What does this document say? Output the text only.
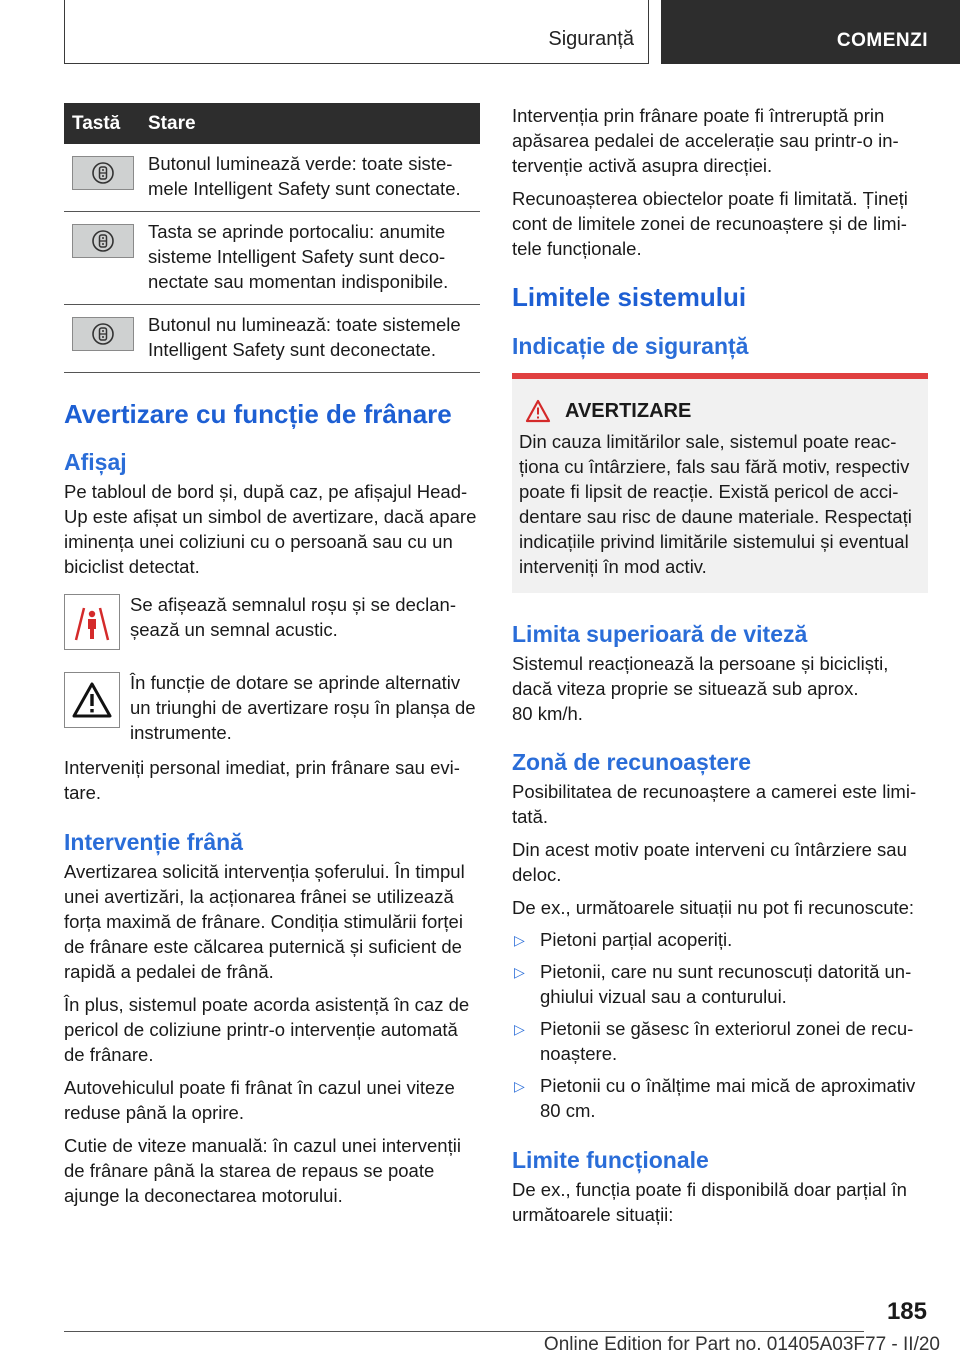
Siguranță	COMENZI
Tastă	Stare

	Butonul luminează verde: toate sistemele Intelligent Safety sunt conectate.

	Tasta se aprinde portocaliu: anumite sisteme Intelligent Safety sunt deconectate sau momentan indisponibile.

	Butonul nu luminează: toate sistemele Intelligent Safety sunt deconectate.
Avertizare cu funcție de frânare
Afișaj

Pe tabloul de bord și, după caz, pe afișajul Head-Up este afișat un simbol de avertizare, dacă apare iminența unei coliziuni cu o persoană sau cu un biciclist detectat.

Se afișează semnalul roșu și se declanșează un semnal acustic.
În funcție de dotare se aprinde alternativ un triunghi de avertizare roșu în planșa de instrumente.

Interveniți personal imediat, prin frânare sau evitare.

Intervenție frână

Avertizarea solicită intervenția șoferului. În timpul unei avertizări, la acționarea frânei se utilizează forța maximă de frânare. Condiția stimulării forței de frânare este călcarea puternică și suficient de rapidă a pedalei de frână.

În plus, sistemul poate acorda asistență în caz de pericol de coliziune printr-o intervenție automată de frânare.

Autovehiculul poate fi frânat în cazul unei viteze reduse până la oprire.

Cutie de viteze manuală: în cazul unei intervenții de frânare până la starea de repaus se poate ajunge la deconectarea motorului.

Intervenția prin frânare poate fi întreruptă prin apăsarea pedalei de accelerație sau printr-o intervenție activă asupra direcției.

Recunoașterea obiectelor poate fi limitată. Țineți cont de limitele zonei de recunoaștere și de limitele funcționale.

Limitele sistemului
Indicație de siguranță
AVERTIZARE

Din cauza limitărilor sale, sistemul poate reacționa cu întârziere, fals sau fără motiv, respectiv poate fi lipsit de reacție. Există pericol de accidentare sau risc de daune materiale. Respectați indicațiile privind limitările sistemului și eventual interveniți în mod activ.

Limita superioară de viteză

Sistemul reacționează la persoane și bicicliști, dacă viteza proprie se situează sub aprox.

80 km/h.

Zonă de recunoaștere

Posibilitatea de recunoaștere a camerei este limitată.

Din acest motiv poate interveni cu întârziere sau deloc.

De ex., următoarele situații nu pot fi recunoscute:

▷ Pietoni parțial acoperiți.
▷ Pietonii, care nu sunt recunoscuți datorită unghiului vizual sau a conturului.
▷ Pietonii se găsesc în exteriorul zonei de recunoaștere.
▷ Pietonii cu o înălțime mai mică de aproximativ 80 cm.
Limite funcționale

De ex., funcția poate fi disponibilă doar parțial în următoarele situații:

185
Online Edition for Part no. 01405A03F77 - II/20
